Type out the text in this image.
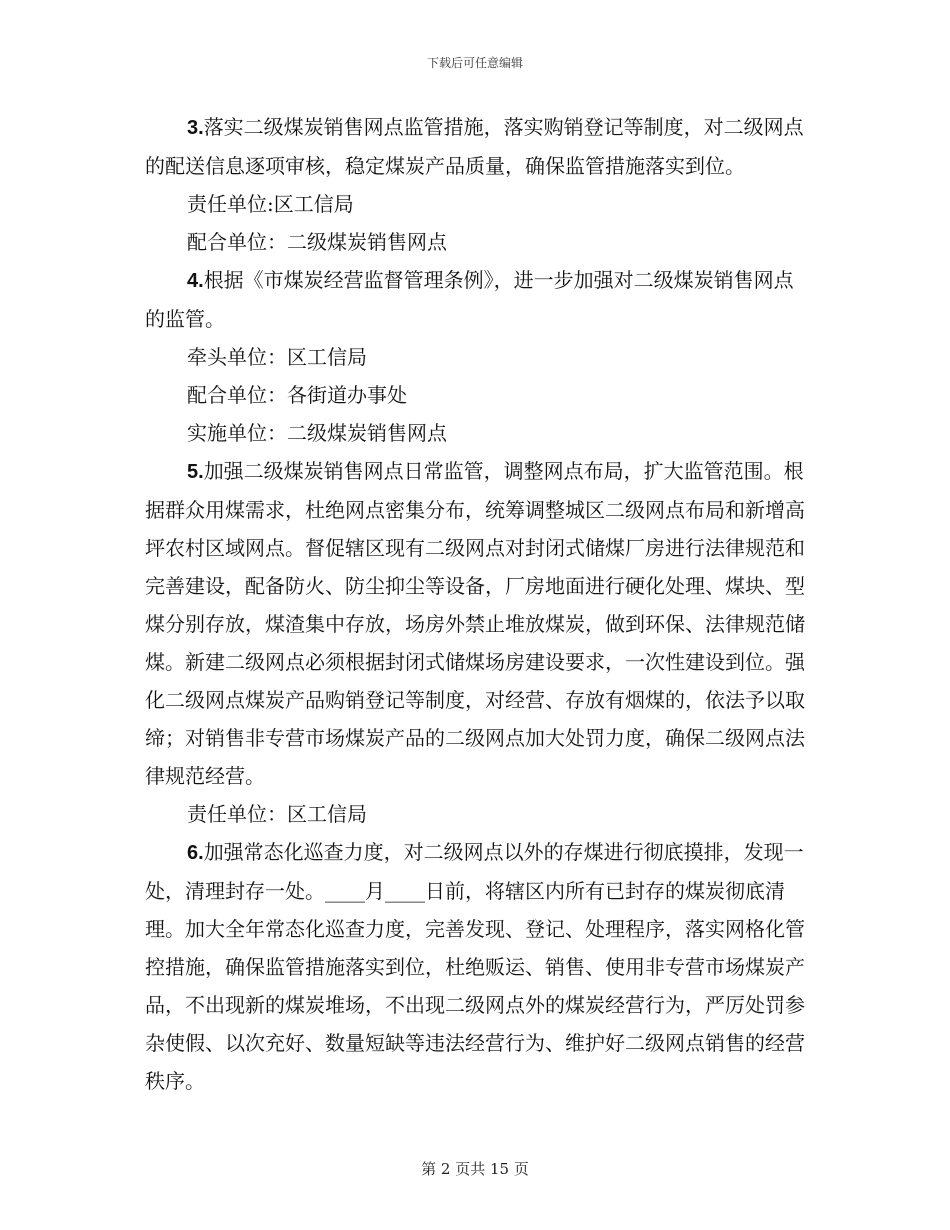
下载后可任意编辑

3.落实二级煤炭销售网点监管措施，落实购销登记等制度，对二级网点的配送信息逐项审核，稳定煤炭产品质量，确保监管措施落实到位。

责任单位:区工信局

配合单位：二级煤炭销售网点

4.根据《市煤炭经营监督管理条例》，进一步加强对二级煤炭销售网点的监管。

牵头单位：区工信局

配合单位：各街道办事处

实施单位：二级煤炭销售网点

5.加强二级煤炭销售网点日常监管，调整网点布局，扩大监管范围。根据群众用煤需求，杜绝网点密集分布，统筹调整城区二级网点布局和新增高坪农村区域网点。督促辖区现有二级网点对封闭式储煤厂房进行法律规范和完善建设，配备防火、防尘抑尘等设备，厂房地面进行硬化处理、煤块、型煤分别存放，煤渣集中存放，场房外禁止堆放煤炭，做到环保、法律规范储煤。新建二级网点必须根据封闭式储煤场房建设要求，一次性建设到位。强化二级网点煤炭产品购销登记等制度，对经营、存放有烟煤的，依法予以取缔；对销售非专营市场煤炭产品的二级网点加大处罚力度，确保二级网点法律规范经营。

责任单位：区工信局

6.加强常态化巡查力度，对二级网点以外的存煤进行彻底摸排，发现一处，清理封存一处。____月____日前，将辖区内所有已封存的煤炭彻底清理。加大全年常态化巡查力度，完善发现、登记、处理程序，落实网格化管控措施，确保监管措施落实到位，杜绝贩运、销售、使用非专营市场煤炭产品，不出现新的煤炭堆场，不出现二级网点外的煤炭经营行为，严厉处罚参杂使假、以次充好、数量短缺等违法经营行为、维护好二级网点销售的经营秩序。

第 2 页共 15 页
